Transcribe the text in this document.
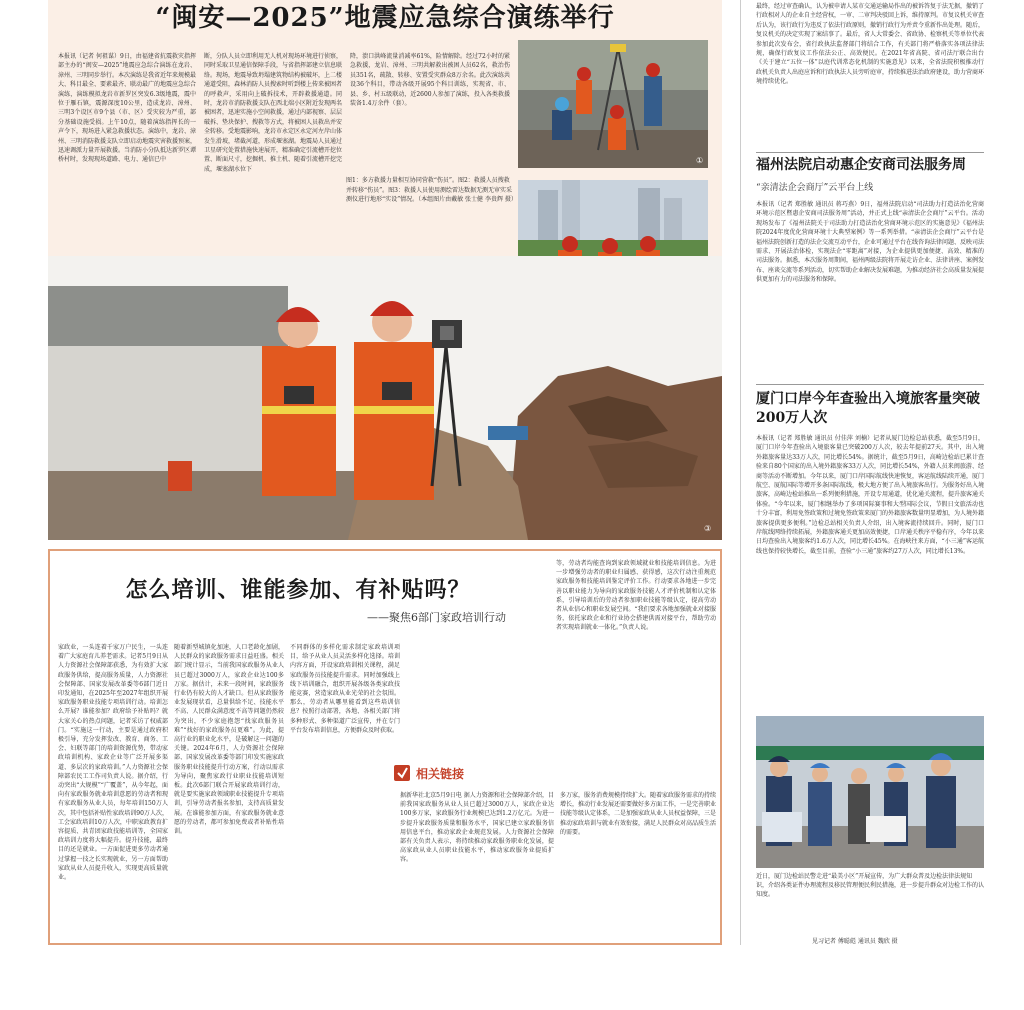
“闽安—2025”地震应急综合演练举行
本报讯（记者 何祖谋）9日，由福建省抗震救灾指挥部主办的“闽安—2025”地震应急综合演练在龙岩、漳州、三明同步举行。本次演练是我省近年来规模最大、科目最全、要素最齐、联动最广的地震应急综合演练，演练模拟龙岩市新罗区突发6.3级地震，震中位于雁石镇，震源深度10公里，造成龙岩、漳州、三明3个设区市9个县（市、区）受灾较为严重，部分基础设施受损。上午10点，随着演练指挥长的一声令下，现场进入紧急救援状态。演练中，龙岩、漳州、三明消防救援支队立即启动地震灾害救援预案，迅速调派力量开展救援。当消防小分队抵达新罗区谭桥村时，发现现场道路、电力、通信已中
断，分队人员立即利用无人机对现场环境进行侦察，同时采取卫星通信保障手段，与省指挥部建立信息联络。现场，地震导致坍塌建筑物结构被破坏，上二楼通道受阻，森林消防人员搜索时听到楼上传来被困者的呼救声，采用向上破拆技术，开辟救援通道。同时，龙岩市消防救援支队在西北端小区附近发现两名被困者，迅速实施小空间救援，通过内部视察、层层破拆、垫块保护、搜救等方式，将被困人员救出并安全转移。受地震影响，龙岩市永定区永定河左岸山体发生滑坡，堵截河道，形成堰塞湖。地震局人员通过卫星研究处置措施快速展开，精准确定引流槽开挖位置、断面尺寸，挖掘机、推土机、随着引流槽开挖完成，堰塞湖水位下
降，溃口洪峰流量消减率61%，险情解除。经过72小时的紧急救援，龙岩、漳州、三明共解救出被困人员62名，救治伤员351名，疏散、转移、安置受灾群众8万余名。此次演练共设36个科目，带动各级开展95个科目训练，实现省、市、县、乡、村五级联动，近2600人参加了演练，投入各类救援装备1.4万余件（套）。
图1：多方救援力量相互协同营救“伤员”。图2：救援人员搜救并转移“伤员”。图3：救援人员使用测绘雷达数据无测无审实采测仪进行地形“实设”情况。（本组图片由戴敏 张士健 李贵辉 摄）
①
③
怎么培训、谁能参加、有补贴吗？
——聚焦6部门家政培训行动
家政业，一头连着千家万户民生，一头连着广大家庭育儿养老需求。记者5月9日从人力资源社会保障部获悉，为有效扩大家政服务供给，提高服务质量，人力资源社会保障部、国家发展改革委等6部门近日印发通知，在2025年至2027年组织开展家政服务职业技能专项培训行动。培训怎么开展？谁能参加？政府给予补贴吗？就大家关心的热点问题，记者采访了权威部门。“实施这一行动，主要是通过政府积极引导，充分发挥发改、教育、商务、工会、妇联等部门的培训资源优势，带动家政培训机构、家政企业等广泛开展多渠道、多层次的家政培训。”人力资源社会保障部农民工工作司负责人说。据介绍，行动突出“大规模”“广覆盖”，从今年起，面向有家政服务就业培训意愿的劳动者和现有家政服务从业人员，每年培训150万人次，其中包括补贴性家政培训90万人次，工会家政培训10万人次，中职家政教育扩容提质、共青团家政技能培训等，全国家政培训力度将大幅提升。提升技能，最终目的还是就业。一方面促进更多劳动者通过掌握一技之长实现就业，另一方面帮助家政从业人员提升收入，实现更高质量就业。
随着新型城镇化加速，人口老龄化加剧，人民群众的家政服务需求日益旺盛。相关部门统计显示，当前我国家政服务从业人员已超过3000万人，家政企业达100多万家。据估计，未来一段时间，家政服务行业仍有较大的人才缺口。但从家政服务业发展现状看，总量供给不足、技能水平不高、人民群众满意度不高等问题仍然较为突出，不少家庭抱怨“找家政服务员难”“找好的家政服务员更难”。为此，提高行业的职业化水平，是破解这一问题的关键。2024年6月，人力资源社会保障部、国家发展改革委等部门印发实施家政服务职业技能提升行动方案，行动以需求为导向，聚焦家政行业职业技能培训短板。此次6部门联合开展家政培训行动，就是要实施家政领域职业技能提升专项培训，引导劳动者报名参加，支持高质量发展。在谁能参加方面，有家政服务就业意愿的劳动者，都可参加免费或者补贴性培训。
不同群体的多样化需求制定家政培训项目，给予从业人员灵活多样化选择。培训内容方面，开设家政培训相关课程，满足家政服务员技能提升需求。同时加强线上线下培训融合，组织开展各级各类家政技能竞赛，营造家政从业光荣的社会氛围。那么，劳动者从哪里能看到这些培训信息？按照行动部署，各地、各相关部门将多种形式、多种渠道广泛宣传，并在专门平台发布培训信息，方便群众及时获取。
等，劳动者均能查询到家政领域就业和技能培训信息。为进一步增强劳动者的职业归属感、获得感，这次行动注重规范家政服务和技能培训鉴定评价工作。行动要求各地进一步完善以职业能力为导向的家政服务技能人才评价机制和认定体系，引导培训后的劳动者参加职业技能等级认定，提高劳动者从业信心和职业发展空间。“我们要求各地加强就业对接服务，依托家政企业和行业协会搭建供需对接平台，帮助劳动者实现培训就业一体化。”负责人说。
相关链接
据新华社北京5月9日电 据人力资源和社会保障部介绍，目前我国家政服务从业人员已超过3000万人，家政企业达100多万家，家政服务行业规模已达到1.2万亿元。为进一步提升家政服务质量和服务水平，国家已建立家政服务信用信息平台，推动家政企业规范发展。人力资源社会保障部有关负责人表示，将持续推动家政服务职业化发展，提高家政从业人员职业技能水平，推动家政服务业提质扩容。
多万家，服务消费规模持续扩大。随着家政服务需求的持续增长，推动行业发展还需要做好多方面工作，一是完善职业技能等级认定体系，二是加强家政从业人员权益保障，三是推动家政培训与就业有效衔接，满足人民群众对高品质生活的需要。
最终，经过审查确认，认为被申请人某市交通运输局作出的被诉答复于法无据，撤销了行政相对人的企业自主经营权，一审、二审判决驳回上诉，维持原判。市复议机关审查后认为，该行政行为违反了依法行政原则，撤销行政行为并责令重新作出处理。随后，复议机关的决定实现了案结事了。最后，省人大常委会、省政协、检察机关等单位代表参加此次发布会，省行政执法监督部门将结合工作，有关部门将严格落实各项法律法规，确保行政复议工作依法公正、高效便民。在2021年省高院、省司法厅联合出台《关于建立“五位一体”以庭代训常态化机制的实施意见》以来，全省法院积极推动行政机关负责人出庭应诉和行政执法人员旁听庭审，持续推进法治政府建设，助力营商环境持续优化。
福州法院启动惠企安商司法服务周
“亲清法企会商厅”云平台上线
本报讯（记者 郑胜敏 通讯员 蒋巧燕）9日，福州法院启动“司法助力打造法治化营商环境示范区暨惠企安商司法服务周”活动，并正式上线“亲清法企会商厅”云平台。活动现场发布了《福州法院关于司法助力打造法治化营商环境示范区的实施意见》《福州法院2024年度优化营商环境十大典型案例》等一系列举措。“亲清法企会商厅”云平台是福州法院创新打造的法企交流互动平台，企业可通过平台在线咨询法律问题、反映司法需求、开展法治体检，实现法企“零距离”对接，为企业提供更加便捷、高效、精准的司法服务。据悉，本次服务周期间，福州两级法院将开展走访企业、法律讲座、案例发布、座谈交流等系列活动，切实帮助企业解决发展难题，为推动经济社会高质量发展提供更加有力的司法服务和保障。
厦门口岸今年查验出入境旅客量突破200万人次
本报讯（记者 郑胜敏 通讯员 付佳萍 刘楠）记者从厦门边检总站获悉，截至5月9日，厦门口岸今年查验出入境旅客量已突破200万人次，较去年提前27天。其中，出入境外籍旅客量达33万人次，同比增长54%。据统计，截至5月9日，高崎边检站已累计查验来自80个国家的出入境外籍旅客33万人次，同比增长54%，外籍人员来闽旅游、经商等活动不断增加。今年以来，厦门口岸国际航线快速恢复，客运航线陆续开通，厦门航空、厦航国际等增开多条国际航线，极大地方便了出入境旅客出行。为服务好出入境旅客，高崎边检站推出一系列便利措施，开设专用通道，优化通关流程，提升旅客通关体验。“今年以来，厦门相继举办了多项国际赛事和大型国际会议，节假日文旅活动也十分丰富，利用免签政策和过境免签政策来厦门的外籍旅客数量明显增加，为人境外籍旅客提供更多便利。”边检总站相关负责人介绍，出入境客流持续回升。同时，厦门口岸航线网络持续拓展，外籍旅客通关更加高效便捷，口岸通关秩序平稳有序，今年以来日均查验出入境旅客约1.6万人次，同比增长45%。在海峡往来方面，“小三通”客运航线也保持较快增长，截至目前，查验“小三通”旅客约27万人次，同比增长13%。
近日，厦门边检站民警走进“最美小区”开展宣传，为广大群众普及边检法律法规知识，介绍各类证件办理流程及移民管理便民利民措施，进一步提升群众对边检工作的认知度。
见习记者 傅聪彪 通讯员 魏欣 摄
